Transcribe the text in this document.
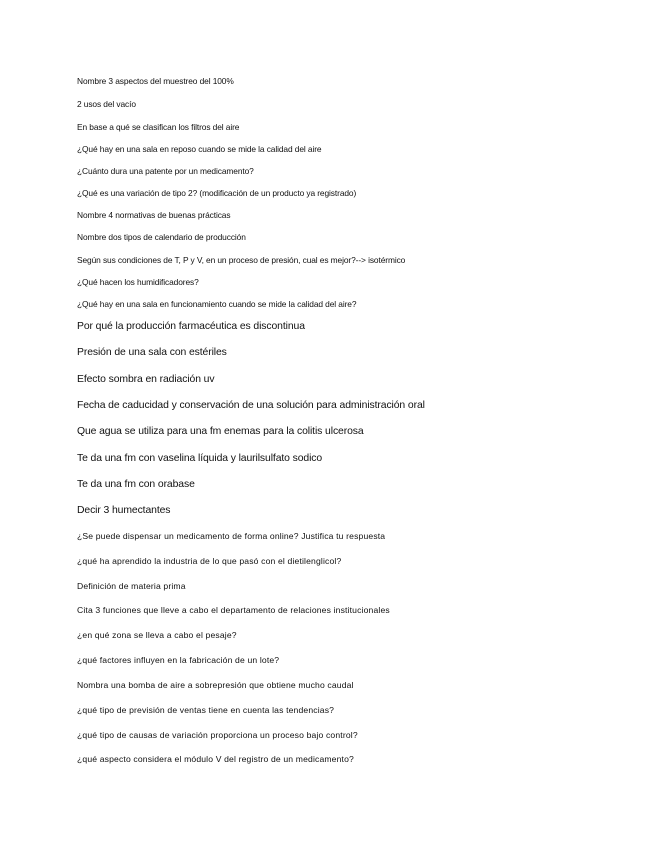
Nombre 3 aspectos del muestreo del 100%

2 usos del vacío

En base a qué se clasifican los filtros del aire

¿Qué hay en una sala en reposo cuando se mide la calidad del aire

¿Cuánto dura una patente por un medicamento?

¿Qué es una variación de tipo 2? (modificación de un producto ya registrado)

Nombre 4 normativas de buenas prácticas

Nombre dos tipos de calendario de producción

Según sus condiciones de T, P y V, en un proceso de presión, cual es mejor?--> isotérmico

¿Qué hacen los humidificadores?

¿Qué hay en una sala en funcionamiento cuando se mide la calidad del aire?

Por qué la producción farmacéutica es discontinua

Presión de una sala con estériles

Efecto sombra en radiación uv

Fecha de caducidad y conservación de una solución para administración oral

Que agua se utiliza para una fm enemas para la colitis ulcerosa

Te da una fm con vaselina líquida y laurilsulfato sodico

Te da una fm con orabase

Decir 3 humectantes

¿Se puede dispensar un medicamento de forma online? Justifica tu respuesta

¿qué ha aprendido la industria de lo que pasó con el dietilenglicol?

Definición de materia prima

Cita 3 funciones que lleve a cabo el departamento de relaciones institucionales

¿en qué zona se lleva a cabo el pesaje?

¿qué factores influyen en la fabricación de un lote?

Nombra una bomba de aire a sobrepresión que obtiene mucho caudal

¿qué tipo de previsión de ventas tiene en cuenta las tendencias?

¿qué tipo de causas de variación proporciona un proceso bajo control?

¿qué aspecto considera el módulo V del registro de un medicamento?
